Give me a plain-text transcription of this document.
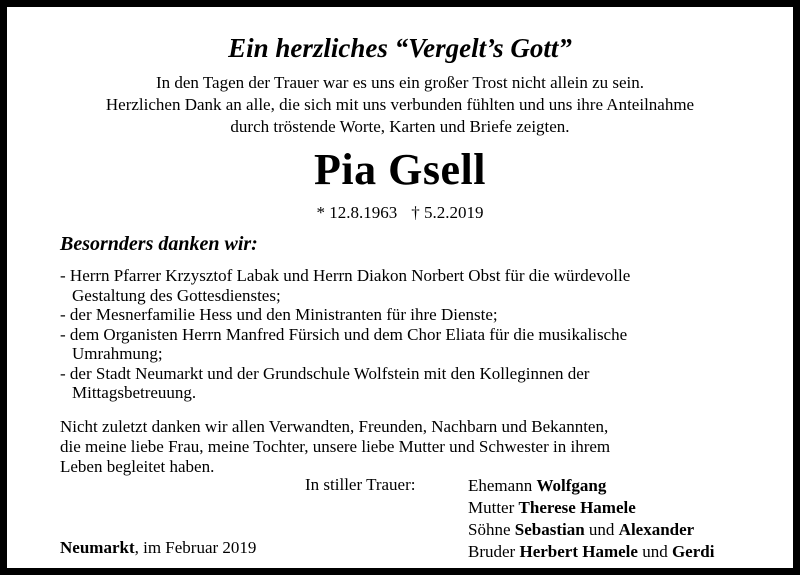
Ein herzliches “Vergelt’s Gott”
In den Tagen der Trauer war es uns ein großer Trost nicht allein zu sein.
Herzlichen Dank an alle, die sich mit uns verbunden fühlten und uns ihre Anteilnahme
durch tröstende Worte, Karten und Briefe zeigten.
Pia Gsell
* 12.8.1963 † 5.2.2019
Besornders danken wir:
- Herrn Pfarrer Krzysztof Labak und Herrn Diakon Norbert Obst für die würdevolle
Gestaltung des Gottesdienstes;
- der Mesnerfamilie Hess und den Ministranten für ihre Dienste;
- dem Organisten Herrn Manfred Fürsich und dem Chor Eliata für die musikalische
Umrahmung;
- der Stadt Neumarkt und der Grundschule Wolfstein mit den Kolleginnen der
Mittagsbetreuung.
Nicht zuletzt danken wir allen Verwandten, Freunden, Nachbarn und Bekannten,
die meine liebe Frau, meine Tochter, unsere liebe Mutter und Schwester in ihrem
Leben begleitet haben.
In stiller Trauer:	Ehemann Wolfgang
Mutter Therese Hamele
Söhne Sebastian und Alexander
Bruder Herbert Hamele und Gerdi
Neumarkt, im Februar 2019
